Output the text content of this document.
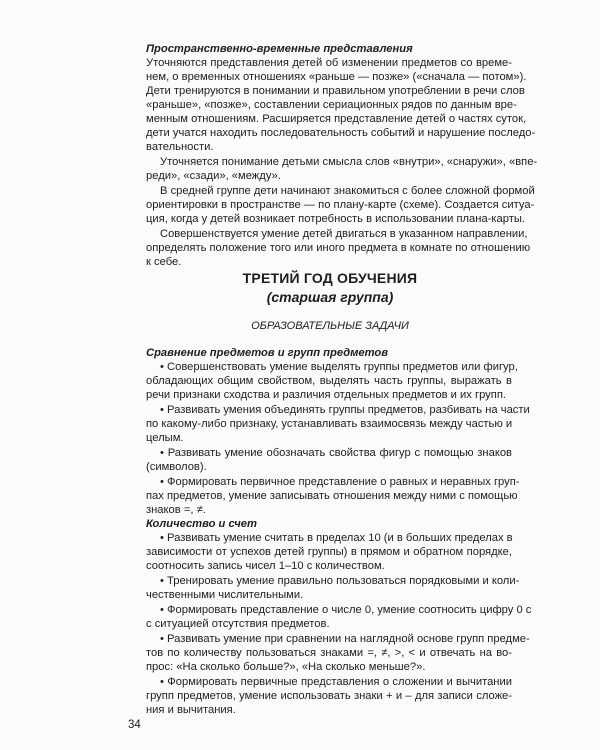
Пространственно-временные представления
Уточняются представления детей об изменении предметов со време-
нем, о временных отношениях «раньше — позже» («сначала — потом»).
Дети тренируются в понимании и правильном употреблении в речи слов
«раньше», «позже», составлении сериационных рядов по данным вре-
менным отношениям. Расширяется представление детей о частях суток,
дети учатся находить последовательность событий и нарушение последо-
вательности.
Уточняется понимание детьми смысла слов «внутри», «снаружи», «впе-
реди», «сзади», «между».
В средней группе дети начинают знакомиться с более сложной формой
ориентировки в пространстве — по плану-карте (схеме). Создается ситуа-
ция, когда у детей возникает потребность в использовании плана-карты.
Совершенствуется умение детей двигаться в указанном направлении,
определять положение того или иного предмета в комнате по отношению
к себе.
ТРЕТИЙ ГОД ОБУЧЕНИЯ
(старшая группа)
ОБРАЗОВАТЕЛЬНЫЕ ЗАДАЧИ
Сравнение предметов и групп предметов
• Совершенствовать умение выделять группы предметов или фигур,
обладающих общим свойством, выделять часть группы, выражать в
речи признаки сходства и различия отдельных предметов и их групп.
• Развивать умения объединять группы предметов, разбивать на части
по какому-либо признаку, устанавливать взаимосвязь между частью и
целым.
• Развивать умение обозначать свойства фигур с помощью знаков
(символов).
• Формировать первичное представление о равных и неравных груп-
пах предметов, умение записывать отношения между ними с помощью
знаков =, ≠.
Количество и счет
• Развивать умение считать в пределах 10 (и в больших пределах в
зависимости от успехов детей группы) в прямом и обратном порядке,
соотносить запись чисел 1–10 с количеством.
• Тренировать умение правильно пользоваться порядковыми и коли-
чественными числительными.
• Формировать представление о числе 0, умение соотносить цифру 0 с
с ситуацией отсутствия предметов.
• Развивать умение при сравнении на наглядной основе групп предме-
тов по количеству пользоваться знаками =, ≠, >, < и отвечать на во-
прос: «На сколько больше?», «На сколько меньше?».
• Формировать первичные представления о сложении и вычитании
групп предметов, умение использовать знаки + и – для записи сложе-
ния и вычитания.
34
